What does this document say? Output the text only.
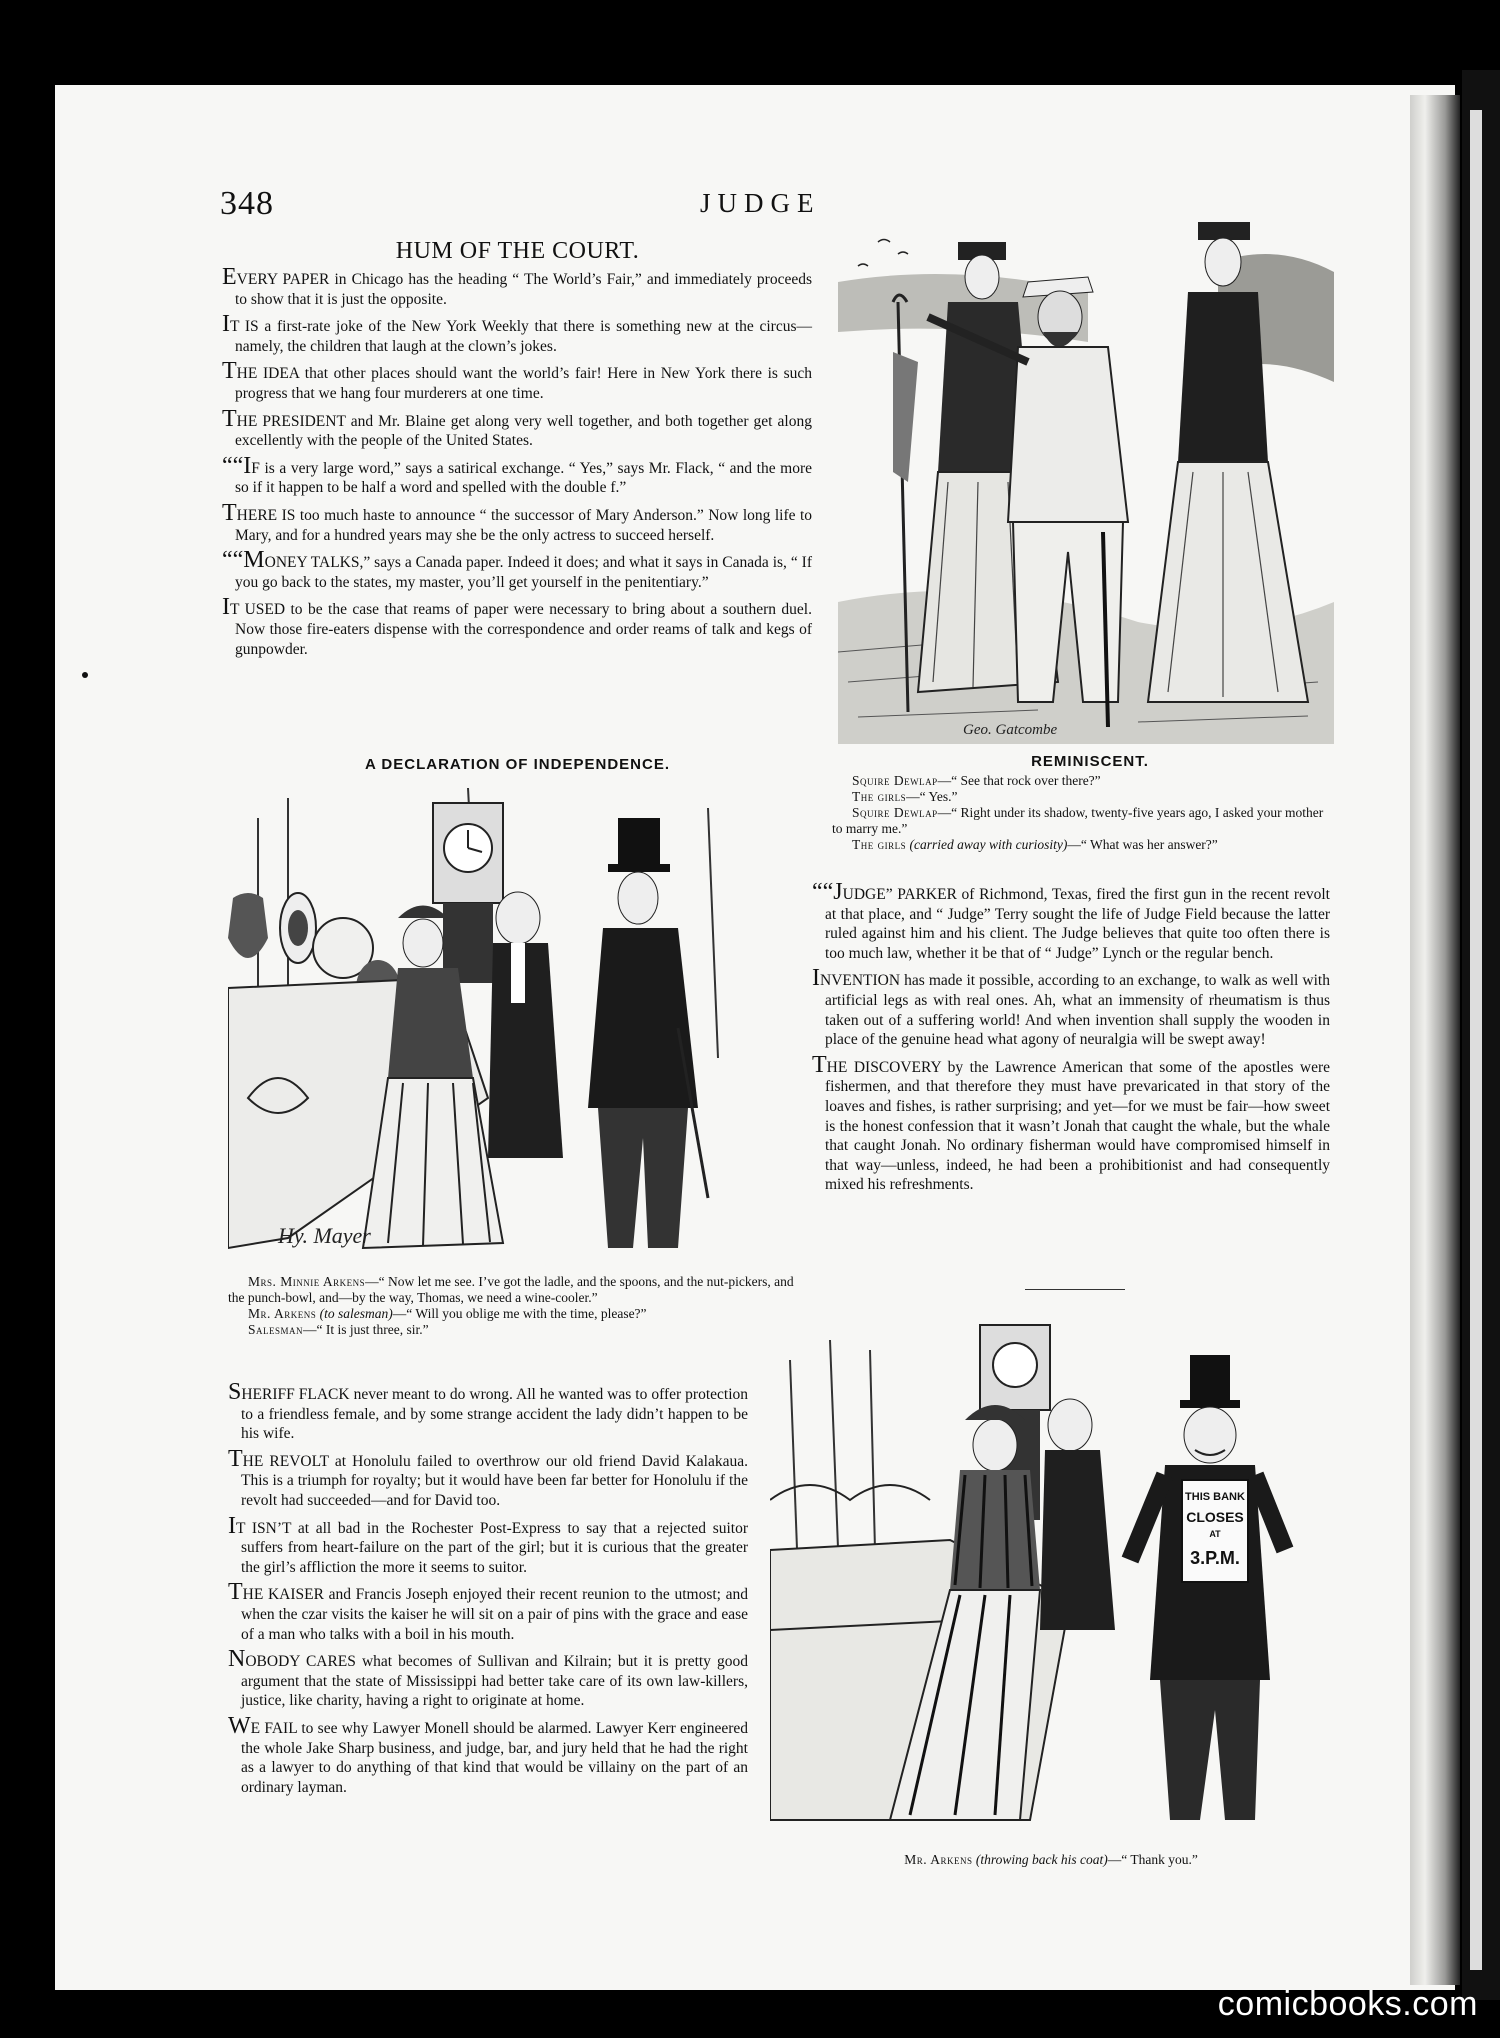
348	JUDGE
HUM OF THE COURT.

EVERY PAPER in Chicago has the heading “ The World’s Fair,” and immediately proceeds to show that it is just the opposite.

IT IS a first-rate joke of the New York Weekly that there is something new at the circus—namely, the children that laugh at the clown’s jokes.

THE IDEA that other places should want the world’s fair! Here in New York there is such progress that we hang four murderers at one time.

THE PRESIDENT and Mr. Blaine get along very well together, and both together get along excellently with the people of the United States.

““IF is a very large word,” says a satirical exchange. “ Yes,” says Mr. Flack, “ and the more so if it happen to be half a word and spelled with the double f.”

THERE IS too much haste to announce “ the successor of Mary Anderson.” Now long life to Mary, and for a hundred years may she be the only actress to succeed herself.

““MONEY TALKS,” says a Canada paper. Indeed it does; and what it says in Canada is, “ If you go back to the states, my master, you’ll get yourself in the penitentiary.”

IT USED to be the case that reams of paper were necessary to bring about a southern duel. Now those fire-eaters dispense with the correspondence and order reams of talk and kegs of gunpowder.

Geo. Gatcombe
REMINISCENT.
Squire Dewlap—“ See that rock over there?”
The girls—“ Yes.”
Squire Dewlap—“ Right under its shadow, twenty-five years ago, I asked your mother to marry me.”
The girls (carried away with curiosity)—“ What was her answer?”
A DECLARATION OF INDEPENDENCE.
Hy. Mayer
Mrs. Minnie Arkens—“ Now let me see. I’ve got the ladle, and the spoons, and the nut-pickers, and the punch-bowl, and—by the way, Thomas, we need a wine-cooler.”
Mr. Arkens (to salesman)—“ Will you oblige me with the time, please?”
Salesman—“ It is just three, sir.”

““JUDGE” PARKER of Richmond, Texas, fired the first gun in the recent revolt at that place, and “ Judge” Terry sought the life of Judge Field because the latter ruled against him and his client. The Judge believes that quite too often there is too much law, whether it be that of “ Judge” Lynch or the regular bench.

INVENTION has made it possible, according to an exchange, to walk as well with artificial legs as with real ones. Ah, what an immensity of rheumatism is thus taken out of a suffering world! And when invention shall supply the wooden in place of the genuine head what agony of neuralgia will be swept away!

THE DISCOVERY by the Lawrence American that some of the apostles were fishermen, and that therefore they must have prevaricated in that story of the loaves and fishes, is rather surprising; and yet—for we must be fair—how sweet is the honest confession that it wasn’t Jonah that caught the whale, but the whale that caught Jonah. No ordinary fisherman would have compromised himself in that way—unless, indeed, he had been a prohibitionist and had consequently mixed his refreshments.

SHERIFF FLACK never meant to do wrong. All he wanted was to offer protection to a friendless female, and by some strange accident the lady didn’t happen to be his wife.

THE REVOLT at Honolulu failed to overthrow our old friend David Kalakaua. This is a triumph for royalty; but it would have been far better for Honolulu if the revolt had succeeded—and for David too.

IT ISN’T at all bad in the Rochester Post-Express to say that a rejected suitor suffers from heart-failure on the part of the girl; but it is curious that the greater the girl’s affliction the more it seems to suitor.

THE KAISER and Francis Joseph enjoyed their recent reunion to the utmost; and when the czar visits the kaiser he will sit on a pair of pins with the grace and ease of a man who talks with a boil in his mouth.

NOBODY CARES what becomes of Sullivan and Kilrain; but it is pretty good argument that the state of Mississippi had better take care of its own law-killers, justice, like charity, having a right to originate at home.

WE FAIL to see why Lawyer Monell should be alarmed. Lawyer Kerr engineered the whole Jake Sharp business, and judge, bar, and jury held that he had the right as a lawyer to do anything of that kind that would be villainy on the part of an ordinary layman.

THIS BANK
CLOSES
AT
3.P.M.
Mr. Arkens (throwing back his coat)—“ Thank you.”
comicbooks.com
